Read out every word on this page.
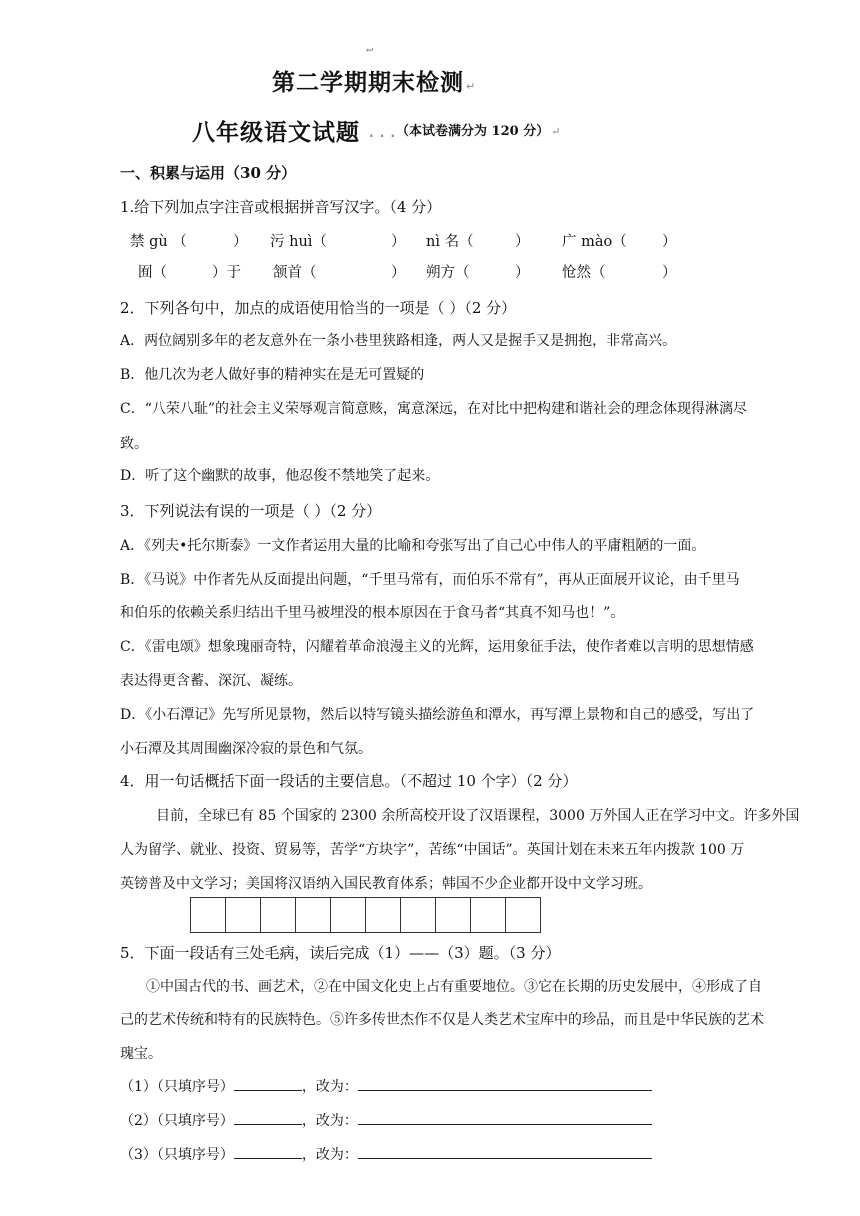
↩
第二学期期末检测 ↵
八年级语文试题 · · · （本试卷满分为 120 分） ↵
一、积累与运用（30 分）
1.给下列加点字注音或根据拼音写汉字。（4 分）
禁 gù （	） 污 huì（	） nì 名（	） 广 mào（ ）
囿（	）于 颔首（	） 朔方（	） 怆然（	）
2．下列各句中，加点的成语使用恰当的一项是（ ）（2 分）
A．两位阔别多年的老友意外在一条小巷里狭路相逢，两人又是握手又是拥抱，非常高兴。
B．他几次为老人做好事的精神实在是无可置疑的
C．“八荣八耻”的社会主义荣辱观言简意赅，寓意深远，在对比中把构建和谐社会的理念体现得淋漓尽
致。
D．听了这个幽默的故事，他忍俊不禁地笑了起来。
3．下列说法有误的一项是（ ）（2 分）
A．《列夫•托尔斯泰》一文作者运用大量的比喻和夸张写出了自己心中伟人的平庸粗陋的一面。
B．《马说》中作者先从反面提出问题，“千里马常有，而伯乐不常有”，再从正面展开议论，由千里马
和伯乐的依赖关系归结出千里马被埋没的根本原因在于食马者“其真不知马也！”。
C．《雷电颂》想象瑰丽奇特，闪耀着革命浪漫主义的光辉，运用象征手法，使作者难以言明的思想情感
表达得更含蓄、深沉、凝练。
D．《小石潭记》先写所见景物，然后以特写镜头描绘游鱼和潭水，再写潭上景物和自己的感受，写出了
小石潭及其周围幽深冷寂的景色和气氛。
4．用一句话概括下面一段话的主要信息。（不超过 10 个字）（2 分）
目前，全球已有 85 个国家的 2300 余所高校开设了汉语课程，3000 万外国人正在学习中文。许多外国
人为留学、就业、投资、贸易等，苦学“方块字”，苦练“中国话”。英国计划在未来五年内拨款 100 万
英镑普及中文学习；美国将汉语纳入国民教育体系；韩国不少企业都开设中文学习班。
5．下面一段话有三处毛病，读后完成（1）——（3）题。（3 分）
①中国古代的书、画艺术，②在中国文化史上占有重要地位。③它在长期的历史发展中，④形成了自
己的艺术传统和特有的民族特色。⑤许多传世杰作不仅是人类艺术宝库中的珍品，而且是中华民族的艺术
瑰宝。
（1）（只填序号）	，改为：
（2）（只填序号）	，改为：
（3）（只填序号）	，改为：
